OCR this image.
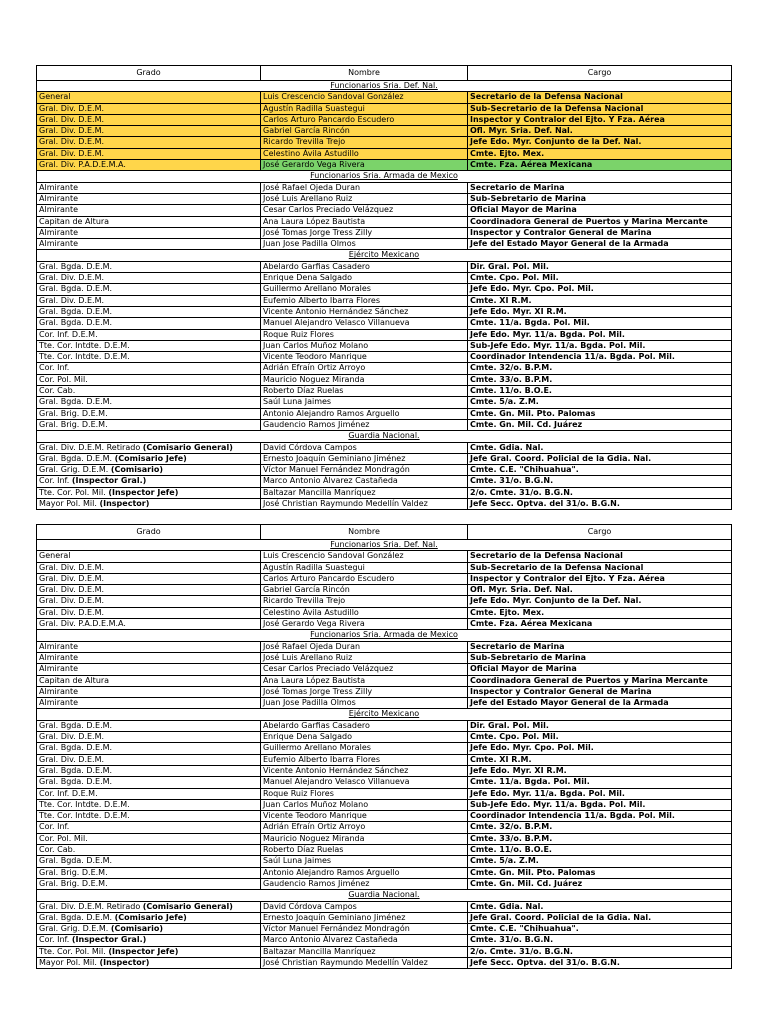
Grado	Nombre	Cargo
Funcionarios Sria. Def. Nal.		
General	Luis Crescencio Sandoval González	Secretario de la Defensa Nacional
Gral. Div. D.E.M.	Agustín Radilla Suastegui	Sub-Secretario de la Defensa Nacional
Gral. Div. D.E.M.	Carlos Arturo Pancardo Escudero	Inspector y Contralor del Ejto. Y Fza. Aérea
Gral. Div. D.E.M.	Gabriel García Rincón	Ofl. Myr. Sria. Def. Nal.
Gral. Div. D.E.M.	Ricardo Trevilla Trejo	Jefe Edo. Myr. Conjunto de la Def. Nal.
Gral. Div. D.E.M.	Celestino Ávila Astudillo	Cmte. Ejto. Mex.
Gral. Div. P.A.D.E.M.A.	José Gerardo Vega Rivera	Cmte. Fza. Aérea Mexicana
Funcionarios Sria. Armada de Mexico		
Almirante	José Rafael Ojeda Duran	Secretario de Marina
Almirante	José Luis Arellano Ruiz	Sub-Sebretario de Marina
Almirante	Cesar Carlos Preciado Velázquez	Oficial Mayor de Marina
Capitan de Altura	Ana Laura López Bautista	Coordinadora General de Puertos y Marina Mercante
Almirante	José Tomas Jorge Tress Zilly	Inspector y Contralor General de Marina
Almirante	Juan Jose Padilla Olmos	Jefe del Estado Mayor General de la Armada
Ejército Mexicano		
Gral. Bgda. D.E.M.	Abelardo Garfias Casadero	Dir. Gral. Pol. Mil.
Gral. Div. D.E.M.	Enrique Dena Salgado	Cmte. Cpo. Pol. Mil.
Gral. Bgda. D.E.M.	Guillermo Arellano Morales	Jefe Edo. Myr. Cpo. Pol. Mil.
Gral. Div. D.E.M.	Eufemio Alberto Ibarra Flores	Cmte. XI R.M.
Gral. Bgda. D.E.M.	Vicente Antonio Hernández Sánchez	Jefe Edo. Myr. XI R.M.
Gral. Bgda. D.E.M.	Manuel Alejandro Velasco Villanueva	Cmte. 11/a. Bgda. Pol. Mil.
Cor. Inf. D.E.M.	Roque Ruiz Flores	Jefe Edo. Myr. 11/a. Bgda. Pol. Mil.
Tte. Cor. Intdte. D.E.M.	Juan Carlos Muñoz Molano	Sub-Jefe Edo. Myr. 11/a. Bgda. Pol. Mil.
Tte. Cor. Intdte. D.E.M.	Vicente Teodoro Manrique	Coordinador Intendencia 11/a. Bgda. Pol. Mil.
Cor. Inf.	Adrián Efraín Ortiz Arroyo	Cmte. 32/o. B.P.M.
Cor. Pol. Mil.	Mauricio Noguez Miranda	Cmte. 33/o. B.P.M.
Cor. Cab.	Roberto Díaz Ruelas	Cmte. 11/o. B.O.E.
Gral. Bgda. D.E.M.	Saúl Luna Jaimes	Cmte. 5/a. Z.M.
Gral. Brig. D.E.M.	Antonio Alejandro Ramos Arguello	Cmte. Gn. Mil. Pto. Palomas
Gral. Brig. D.E.M.	Gaudencio Ramos Jiménez	Cmte. Gn. Mil. Cd. Juárez
Guardia Nacional.		
Gral. Div. D.E.M. Retirado (Comisario General)	David Córdova Campos	Cmte. Gdia. Nal.
Gral. Bgda. D.E.M. (Comisario Jefe)	Ernesto Joaquín Geminiano Jiménez	Jefe Gral. Coord. Policial de la Gdia. Nal.
Gral. Grig. D.E.M. (Comisario)	Víctor Manuel Fernández Mondragón	Cmte. C.E. "Chihuahua".
Cor. Inf. (Inspector Gral.)	Marco Antonio Álvarez Castañeda	Cmte. 31/o. B.G.N.
Tte. Cor. Pol. Mil. (Inspector Jefe)	Baltazar Mancilla Manríquez	2/o. Cmte. 31/o. B.G.N.
Mayor Pol. Mil. (Inspector)	José Christian Raymundo Medellín Valdez	Jefe Secc. Optva. del 31/o. B.G.N.
Grado	Nombre	Cargo
Funcionarios Sria. Def. Nal.		
General	Luis Crescencio Sandoval González	Secretario de la Defensa Nacional
Gral. Div. D.E.M.	Agustín Radilla Suastegui	Sub-Secretario de la Defensa Nacional
Gral. Div. D.E.M.	Carlos Arturo Pancardo Escudero	Inspector y Contralor del Ejto. Y Fza. Aérea
Gral. Div. D.E.M.	Gabriel García Rincón	Ofl. Myr. Sria. Def. Nal.
Gral. Div. D.E.M.	Ricardo Trevilla Trejo	Jefe Edo. Myr. Conjunto de la Def. Nal.
Gral. Div. D.E.M.	Celestino Ávila Astudillo	Cmte. Ejto. Mex.
Gral. Div. P.A.D.E.M.A.	José Gerardo Vega Rivera	Cmte. Fza. Aérea Mexicana
Funcionarios Sria. Armada de Mexico		
Almirante	José Rafael Ojeda Duran	Secretario de Marina
Almirante	José Luis Arellano Ruiz	Sub-Sebretario de Marina
Almirante	Cesar Carlos Preciado Velázquez	Oficial Mayor de Marina
Capitan de Altura	Ana Laura López Bautista	Coordinadora General de Puertos y Marina Mercante
Almirante	José Tomas Jorge Tress Zilly	Inspector y Contralor General de Marina
Almirante	Juan Jose Padilla Olmos	Jefe del Estado Mayor General de la Armada
Ejército Mexicano		
Gral. Bgda. D.E.M.	Abelardo Garfias Casadero	Dir. Gral. Pol. Mil.
Gral. Div. D.E.M.	Enrique Dena Salgado	Cmte. Cpo. Pol. Mil.
Gral. Bgda. D.E.M.	Guillermo Arellano Morales	Jefe Edo. Myr. Cpo. Pol. Mil.
Gral. Div. D.E.M.	Eufemio Alberto Ibarra Flores	Cmte. XI R.M.
Gral. Bgda. D.E.M.	Vicente Antonio Hernández Sánchez	Jefe Edo. Myr. XI R.M.
Gral. Bgda. D.E.M.	Manuel Alejandro Velasco Villanueva	Cmte. 11/a. Bgda. Pol. Mil.
Cor. Inf. D.E.M.	Roque Ruiz Flores	Jefe Edo. Myr. 11/a. Bgda. Pol. Mil.
Tte. Cor. Intdte. D.E.M.	Juan Carlos Muñoz Molano	Sub-Jefe Edo. Myr. 11/a. Bgda. Pol. Mil.
Tte. Cor. Intdte. D.E.M.	Vicente Teodoro Manrique	Coordinador Intendencia 11/a. Bgda. Pol. Mil.
Cor. Inf.	Adrián Efraín Ortiz Arroyo	Cmte. 32/o. B.P.M.
Cor. Pol. Mil.	Mauricio Noguez Miranda	Cmte. 33/o. B.P.M.
Cor. Cab.	Roberto Díaz Ruelas	Cmte. 11/o. B.O.E.
Gral. Bgda. D.E.M.	Saúl Luna Jaimes	Cmte. 5/a. Z.M.
Gral. Brig. D.E.M.	Antonio Alejandro Ramos Arguello	Cmte. Gn. Mil. Pto. Palomas
Gral. Brig. D.E.M.	Gaudencio Ramos Jiménez	Cmte. Gn. Mil. Cd. Juárez
Guardia Nacional.		
Gral. Div. D.E.M. Retirado (Comisario General)	David Córdova Campos	Cmte. Gdia. Nal.
Gral. Bgda. D.E.M. (Comisario Jefe)	Ernesto Joaquín Geminiano Jiménez	Jefe Gral. Coord. Policial de la Gdia. Nal.
Gral. Grig. D.E.M. (Comisario)	Víctor Manuel Fernández Mondragón	Cmte. C.E. "Chihuahua".
Cor. Inf. (Inspector Gral.)	Marco Antonio Álvarez Castañeda	Cmte. 31/o. B.G.N.
Tte. Cor. Pol. Mil. (Inspector Jefe)	Baltazar Mancilla Manríquez	2/o. Cmte. 31/o. B.G.N.
Mayor Pol. Mil. (Inspector)	José Christian Raymundo Medellín Valdez	Jefe Secc. Optva. del 31/o. B.G.N.
